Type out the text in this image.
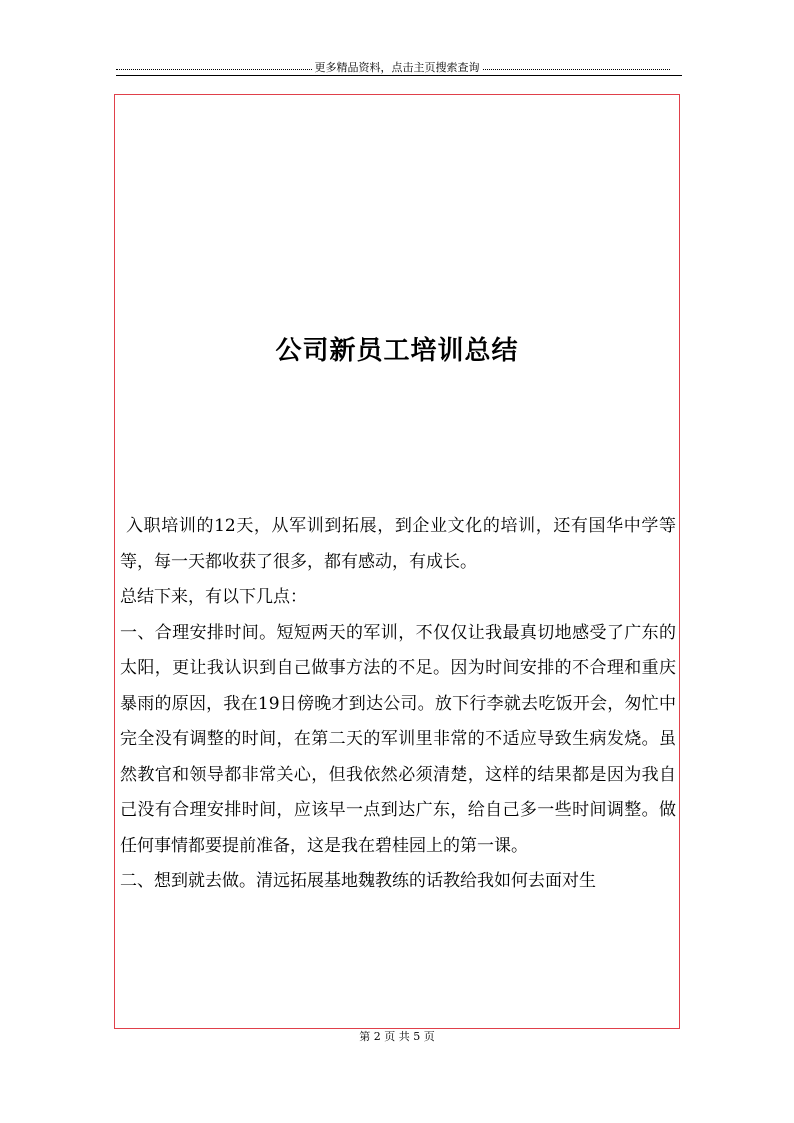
更多精品资料，点击主页搜索查询
公司新员工培训总结

入职培训的12天，从军训到拓展，到企业文化的培训，还有国华中学等等，每一天都收获了很多，都有感动，有成长。

总结下来，有以下几点：

一、合理安排时间。短短两天的军训，不仅仅让我最真切地感受了广东的太阳，更让我认识到自己做事方法的不足。因为时间安排的不合理和重庆暴雨的原因，我在19日傍晚才到达公司。放下行李就去吃饭开会，匆忙中完全没有调整的时间，在第二天的军训里非常的不适应导致生病发烧。虽然教官和领导都非常关心，但我依然必须清楚，这样的结果都是因为我自己没有合理安排时间，应该早一点到达广东，给自己多一些时间调整。做任何事情都要提前准备，这是我在碧桂园上的第一课。

二、想到就去做。清远拓展基地魏教练的话教给我如何去面对生

第 2 页 共 5 页
